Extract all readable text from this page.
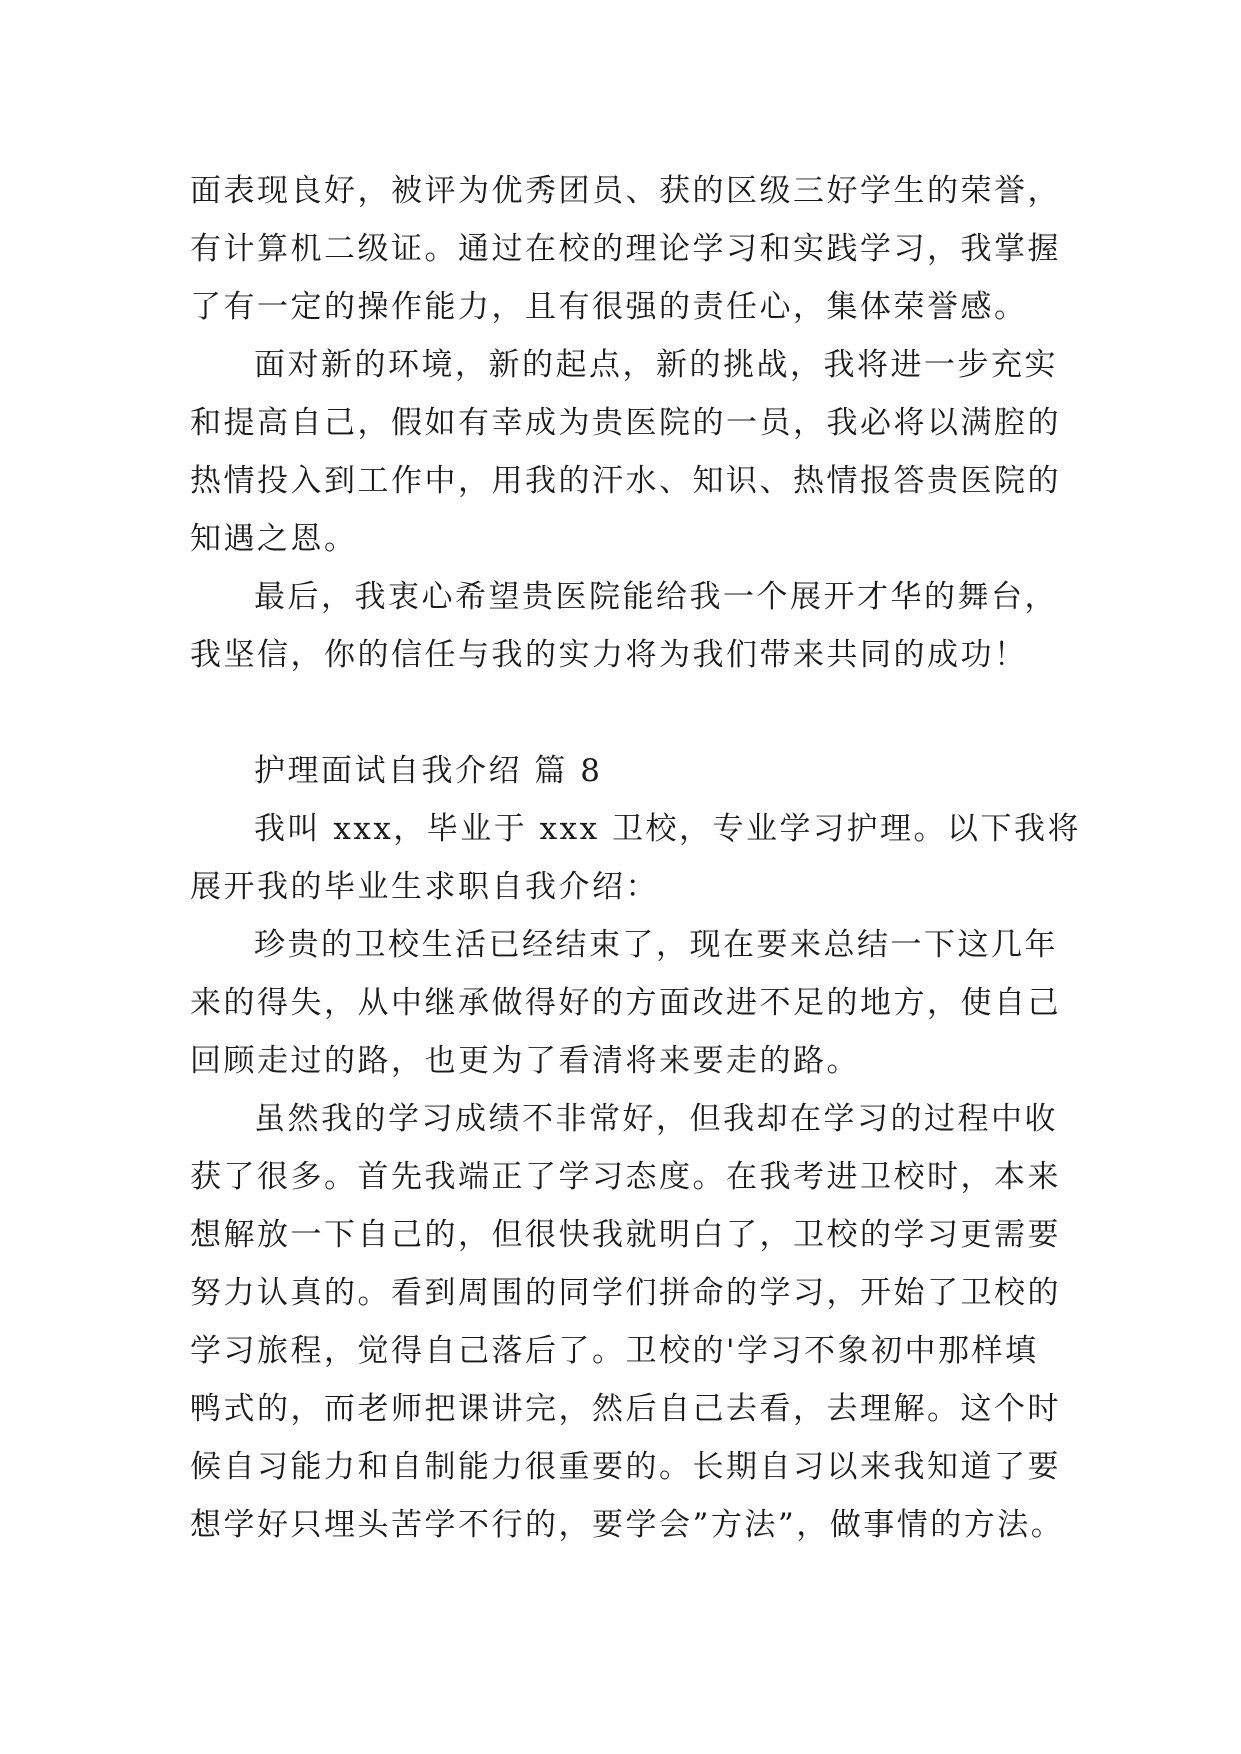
面表现良好，被评为优秀团员、获的区级三好学生的荣誉，
有计算机二级证。通过在校的理论学习和实践学习，我掌握
了有一定的操作能力，且有很强的责任心，集体荣誉感。
面对新的环境，新的起点，新的挑战，我将进一步充实
和提高自己，假如有幸成为贵医院的一员，我必将以满腔的
热情投入到工作中，用我的汗水、知识、热情报答贵医院的
知遇之恩。
最后，我衷心希望贵医院能给我一个展开才华的舞台，
我坚信，你的信任与我的实力将为我们带来共同的成功！
护理面试自我介绍 篇 8
我叫 xxx，毕业于 xxx 卫校，专业学习护理。以下我将
展开我的毕业生求职自我介绍：
珍贵的卫校生活已经结束了，现在要来总结一下这几年
来的得失，从中继承做得好的方面改进不足的地方，使自己
回顾走过的路，也更为了看清将来要走的路。
虽然我的学习成绩不非常好，但我却在学习的过程中收
获了很多。首先我端正了学习态度。在我考进卫校时，本来
想解放一下自己的，但很快我就明白了，卫校的学习更需要
努力认真的。看到周围的同学们拼命的学习，开始了卫校的
学习旅程，觉得自己落后了。卫校的'学习不象初中那样填
鸭式的，而老师把课讲完，然后自己去看，去理解。这个时
候自习能力和自制能力很重要的。长期自习以来我知道了要
想学好只埋头苦学不行的，要学会”方法”，做事情的方法。
